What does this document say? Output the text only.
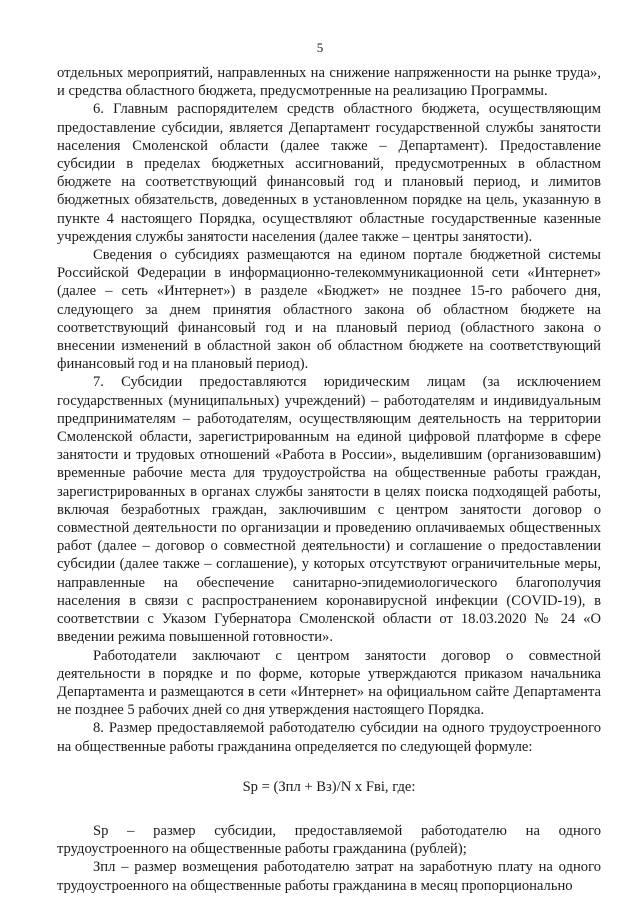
5

отдельных мероприятий, направленных на снижение напряженности на рынке труда», и средства областного бюджета, предусмотренные на реализацию Программы.

6. Главным распорядителем средств областного бюджета, осуществляющим предоставление субсидии, является Департамент государственной службы занятости населения Смоленской области (далее также – Департамент). Предоставление субсидии в пределах бюджетных ассигнований, предусмотренных в областном бюджете на соответствующий финансовый год и плановый период, и лимитов бюджетных обязательств, доведенных в установленном порядке на цель, указанную в пункте 4 настоящего Порядка, осуществляют областные государственные казенные учреждения службы занятости населения (далее также – центры занятости).

Сведения о субсидиях размещаются на едином портале бюджетной системы Российской Федерации в информационно-телекоммуникационной сети «Интернет» (далее – сеть «Интернет») в разделе «Бюджет» не позднее 15-го рабочего дня, следующего за днем принятия областного закона об областном бюджете на соответствующий финансовый год и на плановый период (областного закона о внесении изменений в областной закон об областном бюджете на соответствующий финансовый год и на плановый период).

7. Субсидии предоставляются юридическим лицам (за исключением государственных (муниципальных) учреждений) – работодателям и индивидуальным предпринимателям – работодателям, осуществляющим деятельность на территории Смоленской области, зарегистрированным на единой цифровой платформе в сфере занятости и трудовых отношений «Работа в России», выделившим (организовавшим) временные рабочие места для трудоустройства на общественные работы граждан, зарегистрированных в органах службы занятости в целях поиска подходящей работы, включая безработных граждан, заключившим с центром занятости договор о совместной деятельности по организации и проведению оплачиваемых общественных работ (далее – договор о совместной деятельности) и соглашение о предоставлении субсидии (далее также – соглашение), у которых отсутствуют ограничительные меры, направленные на обеспечение санитарно-эпидемиологического благополучия населения в связи с распространением коронавирусной инфекции (COVID-19), в соответствии с Указом Губернатора Смоленской области от 18.03.2020 № 24 «О введении режима повышенной готовности».

Работодатели заключают с центром занятости договор о совместной деятельности в порядке и по форме, которые утверждаются приказом начальника Департамента и размещаются в сети «Интернет» на официальном сайте Департамента не позднее 5 рабочих дней со дня утверждения настоящего Порядка.

8. Размер предоставляемой работодателю субсидии на одного трудоустроенного на общественные работы гражданина определяется по следующей формуле:

Sр = (Зпл + Вз)/N x Fвi, где:

Sр – размер субсидии, предоставляемой работодателю на одного трудоустроенного на общественные работы гражданина (рублей);

Зпл – размер возмещения работодателю затрат на заработную плату на одного трудоустроенного на общественные работы гражданина в месяц пропорционально
